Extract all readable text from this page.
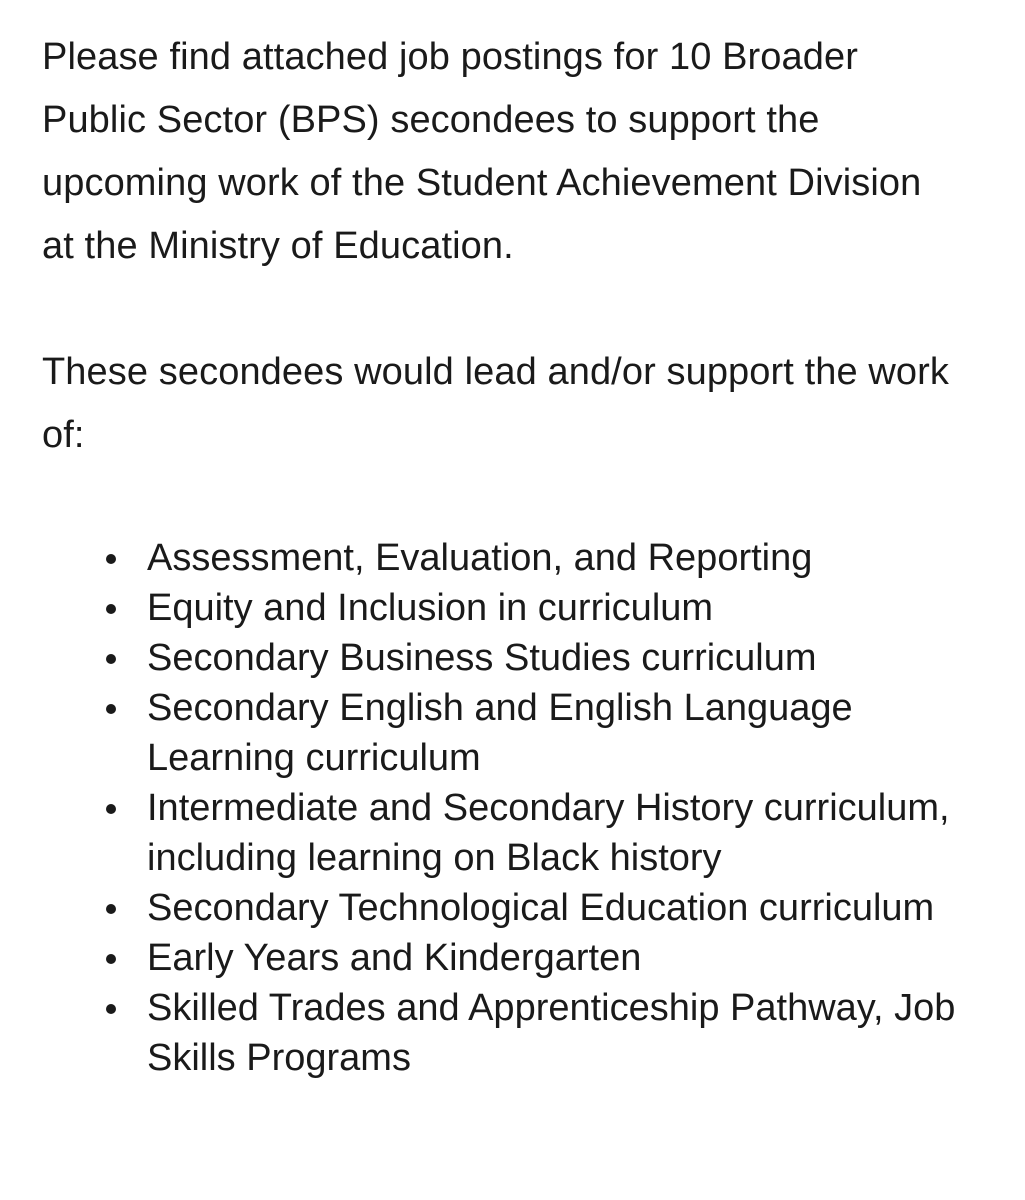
Please find attached job postings for 10 Broader Public Sector (BPS) secondees to support the upcoming work of the Student Achievement Division at the Ministry of Education.

These secondees would lead and/or support the work of:

Assessment, Evaluation, and Reporting
Equity and Inclusion in curriculum
Secondary Business Studies curriculum
Secondary English and English Language Learning curriculum
Intermediate and Secondary History curriculum, including learning on Black history
Secondary Technological Education curriculum
Early Years and Kindergarten
Skilled Trades and Apprenticeship Pathway, Job Skills Programs
